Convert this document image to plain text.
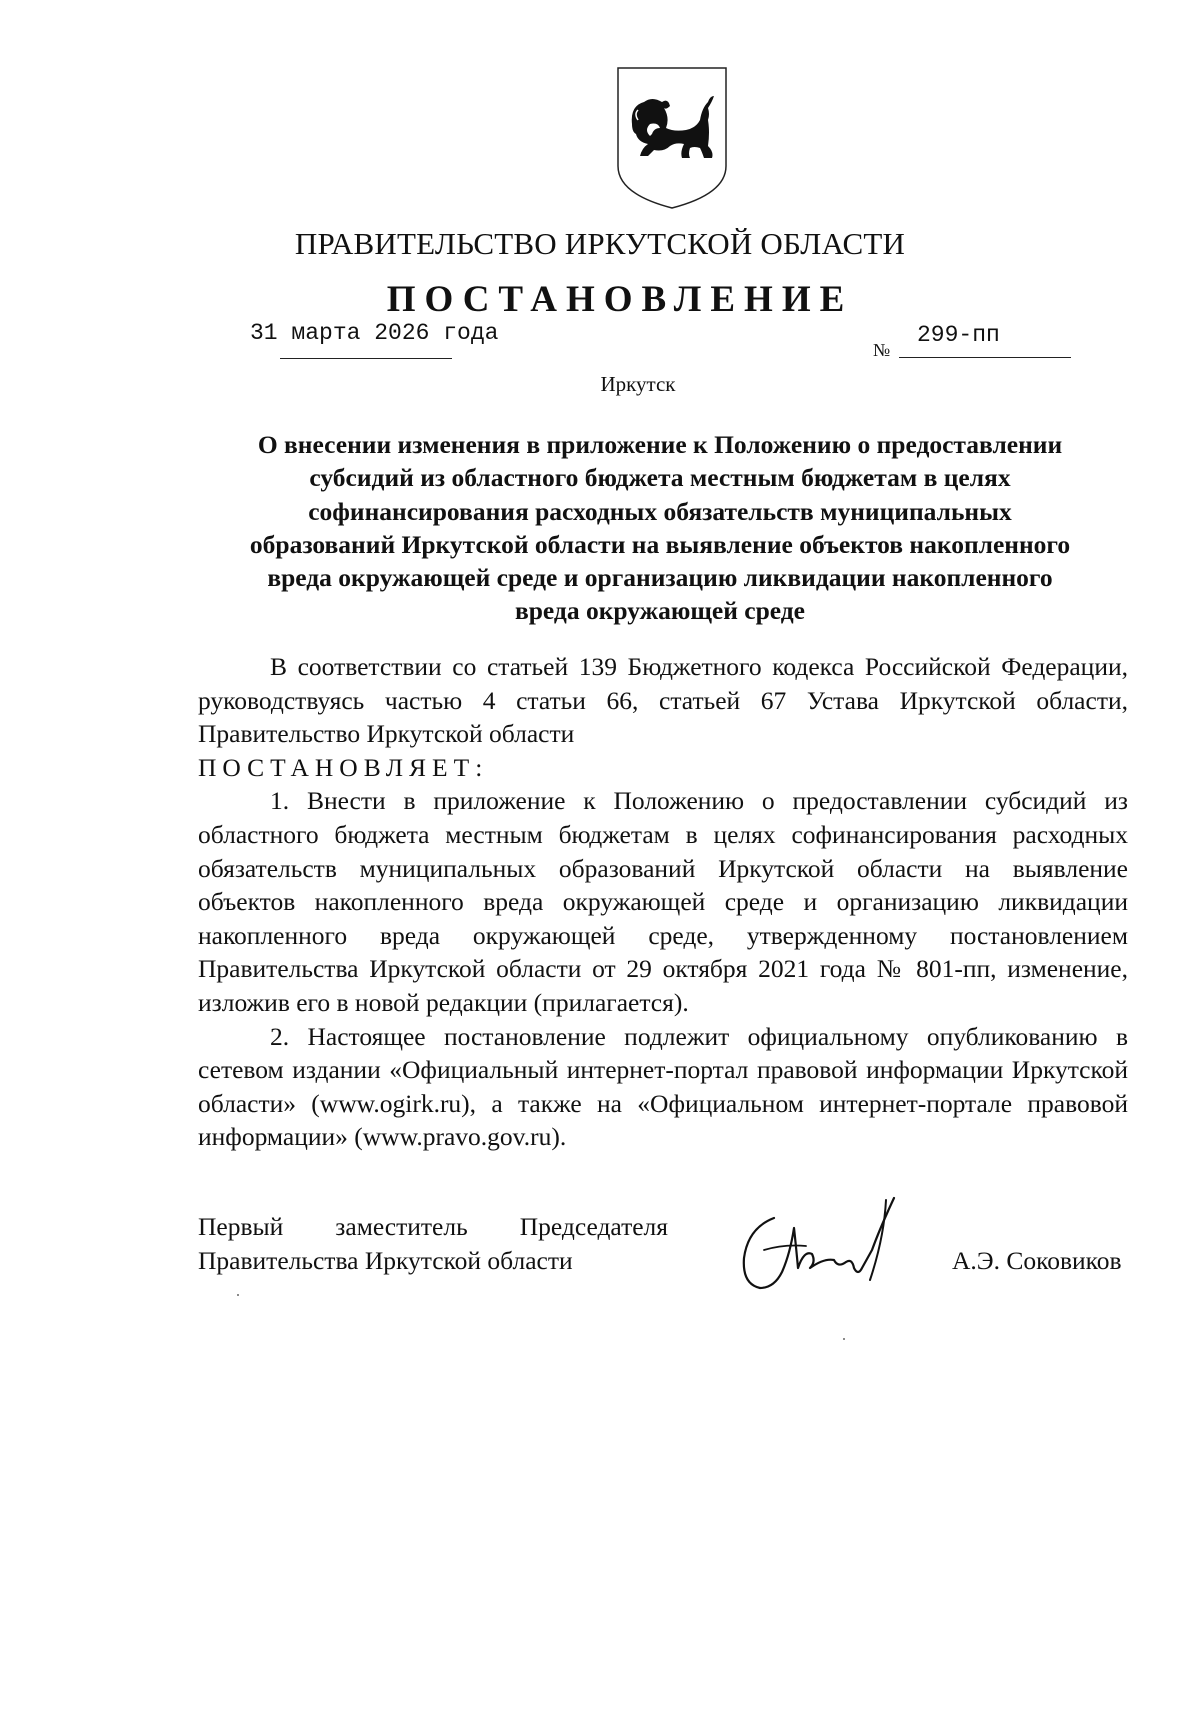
ПРАВИТЕЛЬСТВО ИРКУТСКОЙ ОБЛАСТИ
ПОСТАНОВЛЕНИЕ
31 марта 2026 года
№
299-пп
Иркутск
О внесении изменения в приложение к Положению о предоставлении
субсидий из областного бюджета местным бюджетам в целях
софинансирования расходных обязательств муниципальных
образований Иркутской области на выявление объектов накопленного
вреда окружающей среде и организацию ликвидации накопленного
вреда окружающей среде

В соответствии со статьей 139 Бюджетного кодекса Российской Федерации, руководствуясь частью 4 статьи 66, статьей 67 Устава Иркутской области, Правительство Иркутской области

ПОСТАНОВЛЯЕТ:

1. Внести в приложение к Положению о предоставлении субсидий из областного бюджета местным бюджетам в целях софинансирования расходных обязательств муниципальных образований Иркутской области на выявление объектов накопленного вреда окружающей среде и организацию ликвидации накопленного вреда окружающей среде, утвержденному постановлением Правительства Иркутской области от 29 октября 2021 года № 801-пп, изменение, изложив его в новой редакции (прилагается).

2. Настоящее постановление подлежит официальному опубликованию в сетевом издании «Официальный интернет-портал правовой информации Иркутской области» (www.ogirk.ru), а также на «Официальном интернет-портале правовой информации» (www.pravo.gov.ru).

Первый заместитель Председателя
Правительства Иркутской области	А.Э. Соковиков
